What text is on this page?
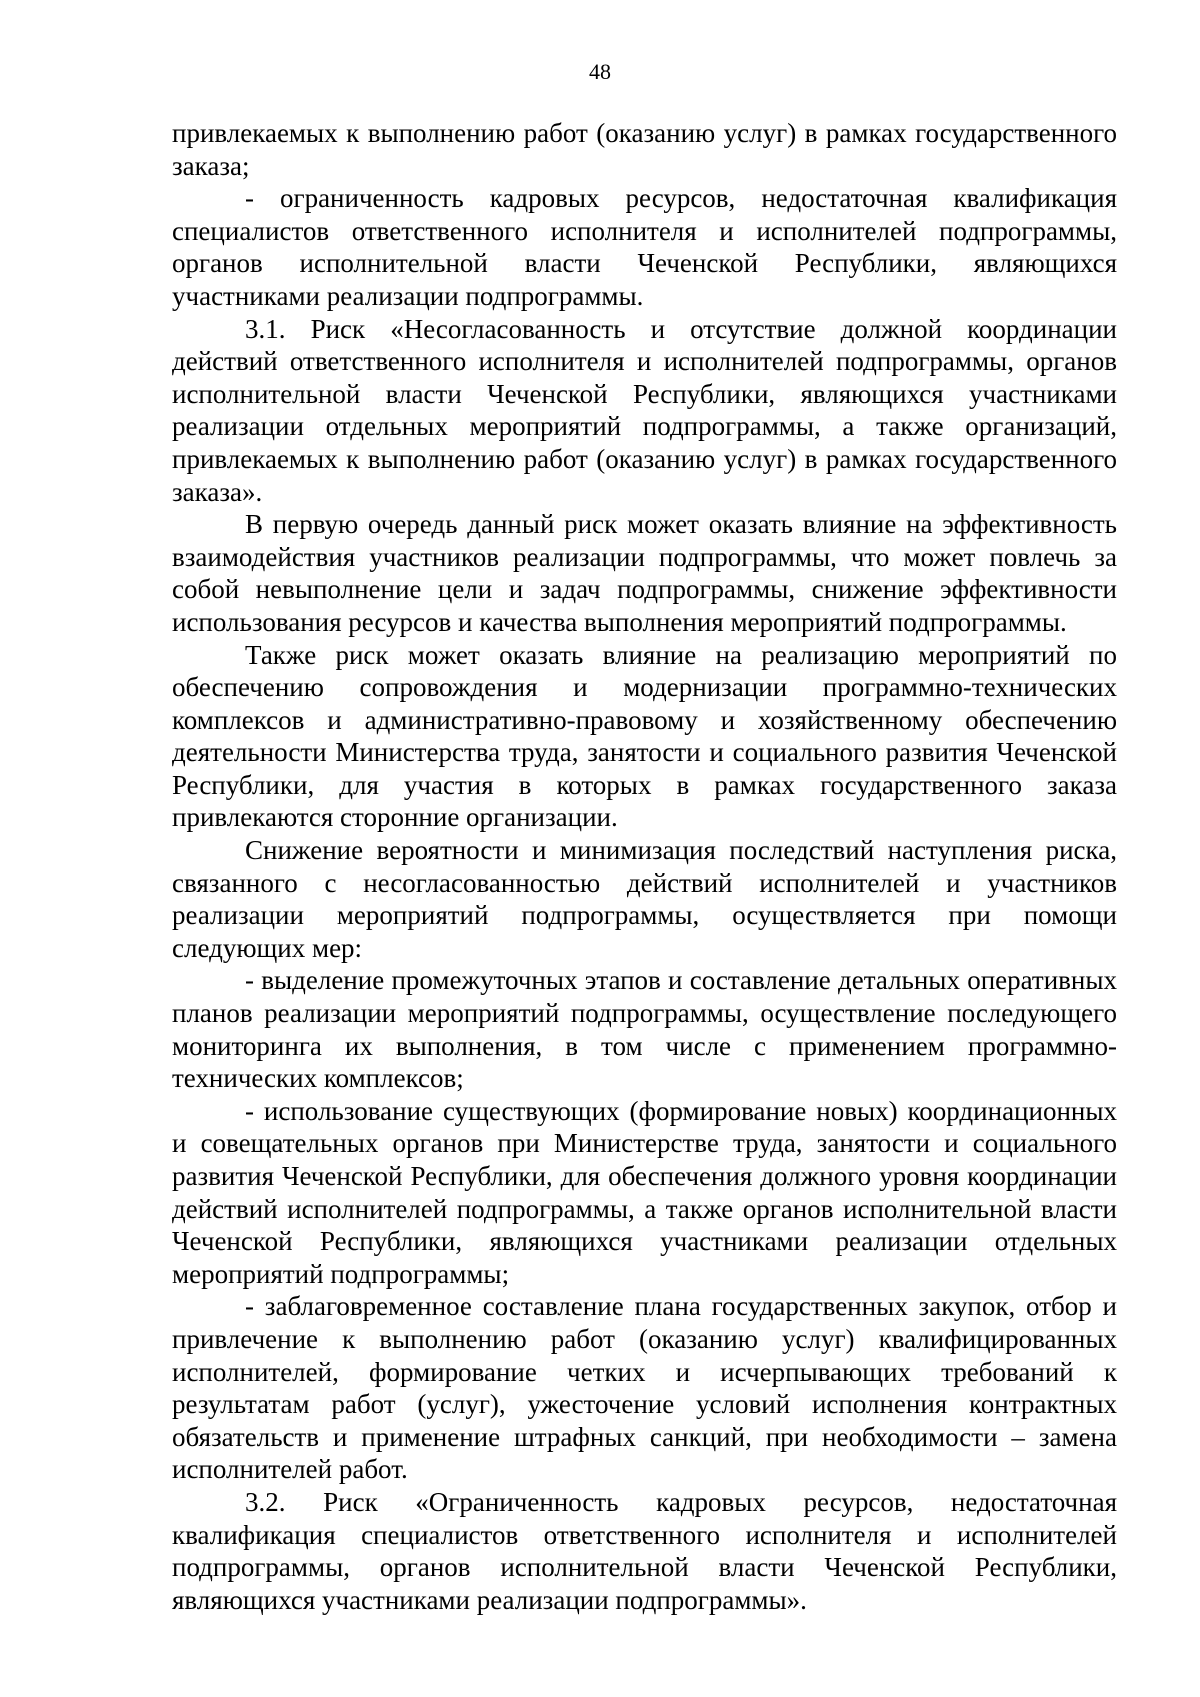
48

привлекаемых к выполнению работ (оказанию услуг) в рамках государственного заказа;

- ограниченность кадровых ресурсов, недостаточная квалификация специалистов ответственного исполнителя и исполнителей подпрограммы, органов исполнительной власти Чеченской Республики, являющихся участниками реализации подпрограммы.

3.1. Риск «Несогласованность и отсутствие должной координации действий ответственного исполнителя и исполнителей подпрограммы, органов исполнительной власти Чеченской Республики, являющихся участниками реализации отдельных мероприятий подпрограммы, а также организаций, привлекаемых к выполнению работ (оказанию услуг) в рамках государственного заказа».

В первую очередь данный риск может оказать влияние на эффективность взаимодействия участников реализации подпрограммы, что может повлечь за собой невыполнение цели и задач подпрограммы, снижение эффективности использования ресурсов и качества выполнения мероприятий подпрограммы.

Также риск может оказать влияние на реализацию мероприятий по обеспечению сопровождения и модернизации программно-технических комплексов и административно-правовому и хозяйственному обеспечению деятельности Министерства труда, занятости и социального развития Чеченской Республики, для участия в которых в рамках государственного заказа привлекаются сторонние организации.

Снижение вероятности и минимизация последствий наступления риска, связанного с несогласованностью действий исполнителей и участников реализации мероприятий подпрограммы, осуществляется при помощи следующих мер:

- выделение промежуточных этапов и составление детальных оперативных планов реализации мероприятий подпрограммы, осуществление последующего мониторинга их выполнения, в том числе с применением программно-технических комплексов;

- использование существующих (формирование новых) координационных и совещательных органов при Министерстве труда, занятости и социального развития Чеченской Республики, для обеспечения должного уровня координации действий исполнителей подпрограммы, а также органов исполнительной власти Чеченской Республики, являющихся участниками реализации отдельных мероприятий подпрограммы;

- заблаговременное составление плана государственных закупок, отбор и привлечение к выполнению работ (оказанию услуг) квалифицированных исполнителей, формирование четких и исчерпывающих требований к результатам работ (услуг), ужесточение условий исполнения контрактных обязательств и применение штрафных санкций, при необходимости – замена исполнителей работ.

3.2. Риск «Ограниченность кадровых ресурсов, недостаточная квалификация специалистов ответственного исполнителя и исполнителей подпрограммы, органов исполнительной власти Чеченской Республики, являющихся участниками реализации подпрограммы».
